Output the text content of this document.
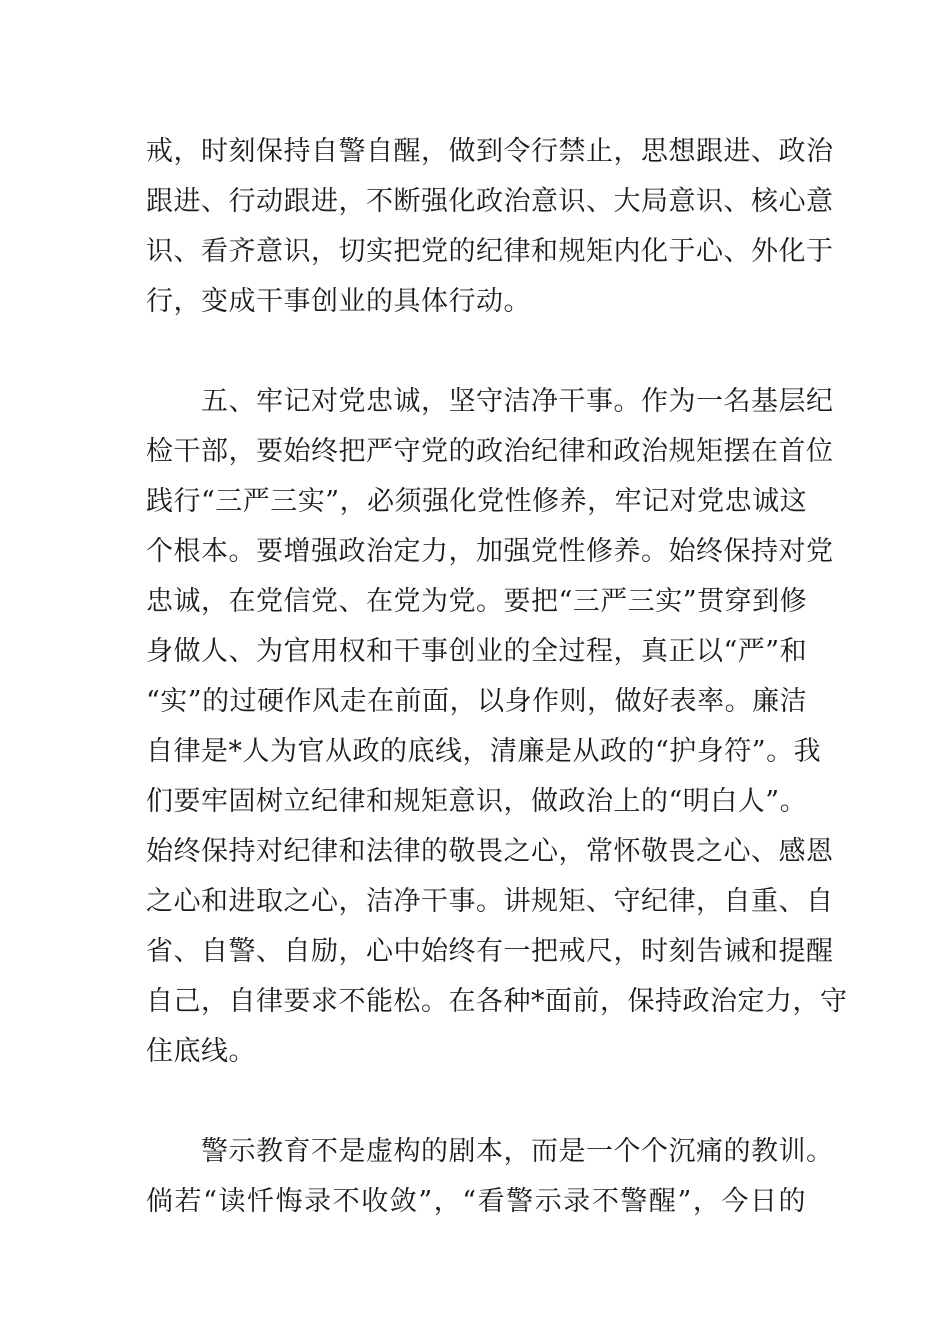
戒，时刻保持自警自醒，做到令行禁止，思想跟进、政治
跟进、行动跟进，不断强化政治意识、大局意识、核心意
识、看齐意识，切实把党的纪律和规矩内化于心、外化于
行，变成干事创业的具体行动。
　　五、牢记对党忠诚，坚守洁净干事。作为一名基层纪
检干部，要始终把严守党的政治纪律和政治规矩摆在首位
践行“三严三实”，必须强化党性修养，牢记对党忠诚这
个根本。要增强政治定力，加强党性修养。始终保持对党
忠诚，在党信党、在党为党。要把“三严三实”贯穿到修
身做人、为官用权和干事创业的全过程，真正以“严”和
“实”的过硬作风走在前面，以身作则，做好表率。廉洁
自律是*人为官从政的底线，清廉是从政的“护身符”。我
们要牢固树立纪律和规矩意识，做政治上的“明白人”。
始终保持对纪律和法律的敬畏之心，常怀敬畏之心、感恩
之心和进取之心，洁净干事。讲规矩、守纪律，自重、自
省、自警、自励，心中始终有一把戒尺，时刻告诫和提醒
自己，自律要求不能松。在各种*面前，保持政治定力，守
住底线。
　　警示教育不是虚构的剧本，而是一个个沉痛的教训。
倘若“读忏悔录不收敛”，“看警示录不警醒”，今日的
